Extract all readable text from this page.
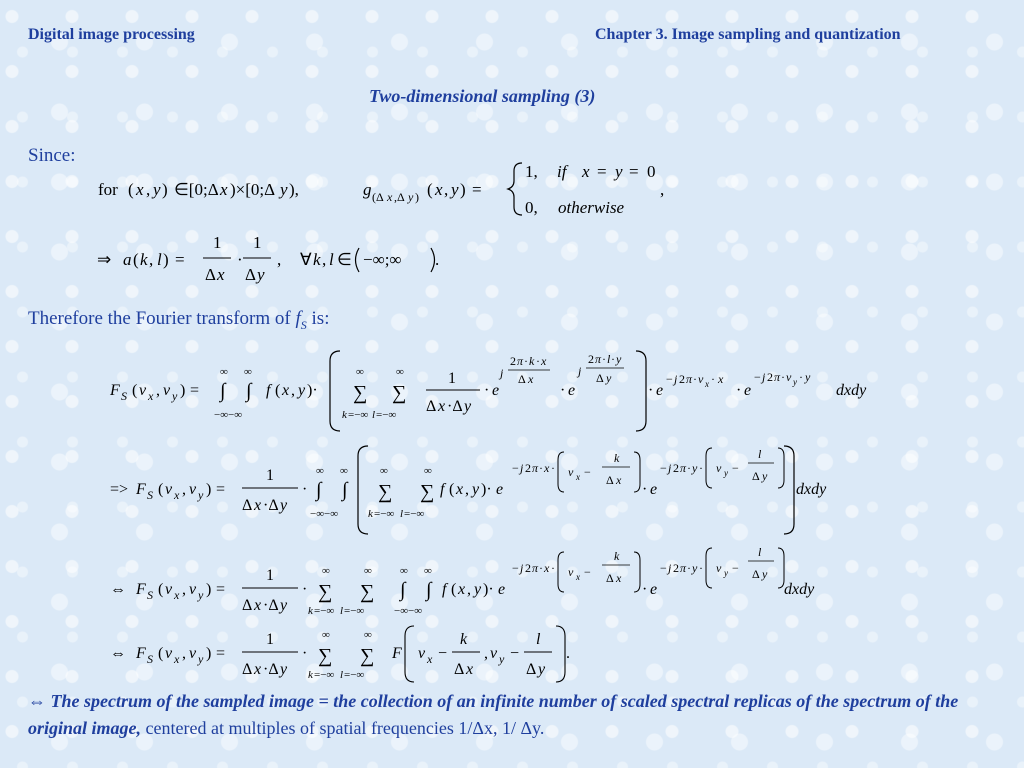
Digital image processing	Chapter 3. Image sampling and quantization
Two-dimensional sampling (3)
Since:
for ( x , y ) ∈[0;Δ x )×[0;Δ y ),	g (Δ x ,Δ y ) ( x , y ) =
1, if x = y = 0
0, otherwise
,
⇒ a ( k , l ) =
1
Δ x
·
1
Δ y
, ∀ k , l ∈ −∞;∞ .
Therefore the Fourier transform of $f_S$ is:
F S ( ν x , ν y ) =
∞ ∞
∫ ∫
−∞−∞
f ( x , y )·
∞	∞
∑ ∑
k =−∞ l =−∞
1
Δ x ·Δ y
· e
j
2 π · k · x
Δ x
· e
j
2 π · l · y
Δ y
· e
− j 2 π · ν x · x
· e
− j 2 π · ν y · y
dxdy
=> F S ( ν x , ν y ) =
1
Δ x ·Δ y
·
∞ ∞
∫ ∫
−∞−∞
∞	∞
∑ ∑
k =−∞ l =−∞
f ( x , y )· e
− j 2 π · x · ν x −
k
Δ x
· e
− j 2 π · y · ν y −
l
Δ y
dxdy
⇔ F S ( ν x , ν y ) =
1
Δ x ·Δ y
·
∞	∞
∑ ∑
k =−∞ l =−∞
∞ ∞
∫ ∫
−∞−∞
f ( x , y )· e
− j 2 π · x · ν x −
k
Δ x
· e
− j 2 π · y · ν y −
l
Δ y
dxdy
⇔ F S ( ν x , ν y ) =
1
Δ x ·Δ y
·
∞	∞
∑ ∑
k =−∞ l =−∞
F ν x −
k
Δ x
, ν y −
l
Δ y
.
⇔ The spectrum of the sampled image = the collection of an infinite number of scaled spectral replicas of the spectrum of the original image, centered at multiples of spatial frequencies 1/Δx, 1/ Δy.
